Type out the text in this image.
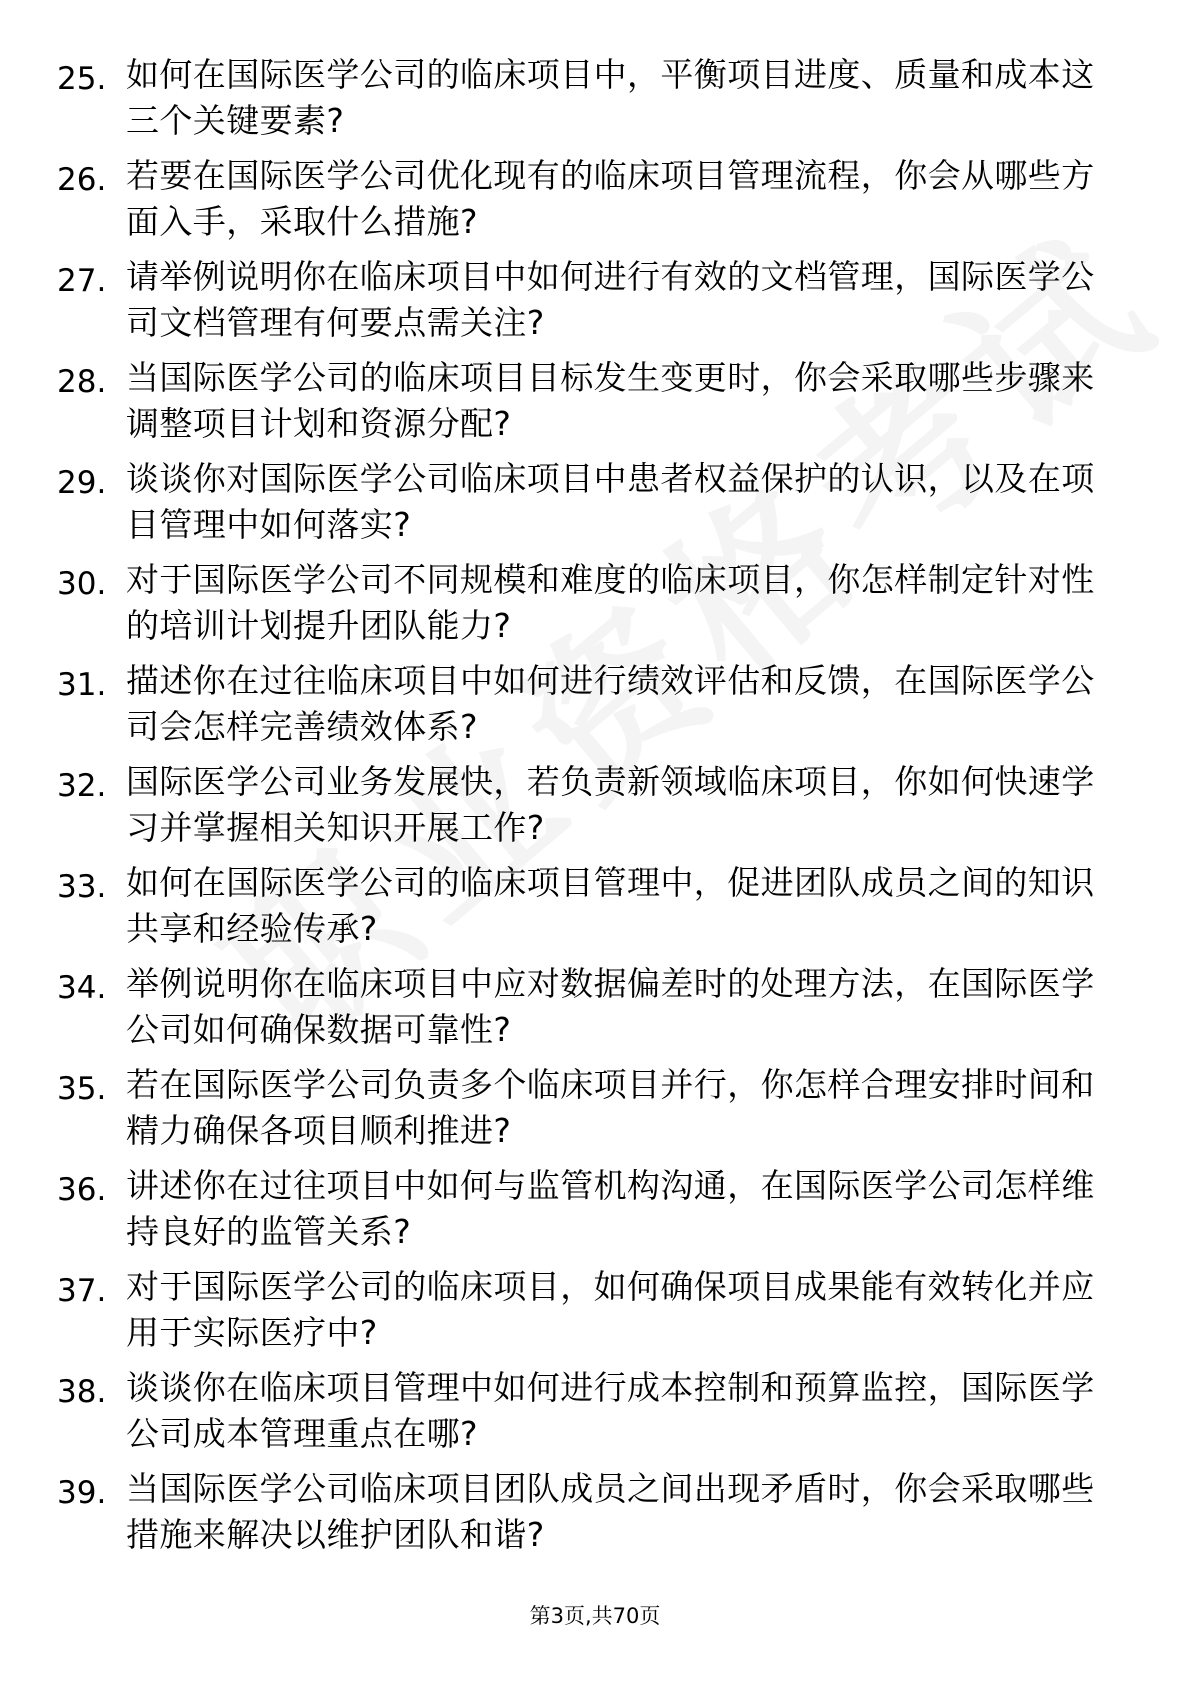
25. 如何在国际医学公司的临床项目中，平衡项目进度、质量和成本这三个关键要素?
26. 若要在国际医学公司优化现有的临床项目管理流程，你会从哪些方面入手，采取什么措施?
27. 请举例说明你在临床项目中如何进行有效的文档管理，国际医学公司文档管理有何要点需关注?
28. 当国际医学公司的临床项目目标发生变更时，你会采取哪些步骤来调整项目计划和资源分配?
29. 谈谈你对国际医学公司临床项目中患者权益保护的认识，以及在项目管理中如何落实?
30. 对于国际医学公司不同规模和难度的临床项目，你怎样制定针对性的培训计划提升团队能力?
31. 描述你在过往临床项目中如何进行绩效评估和反馈，在国际医学公司会怎样完善绩效体系?
32. 国际医学公司业务发展快，若负责新领域临床项目，你如何快速学习并掌握相关知识开展工作?
33. 如何在国际医学公司的临床项目管理中，促进团队成员之间的知识共享和经验传承?
34. 举例说明你在临床项目中应对数据偏差时的处理方法，在国际医学公司如何确保数据可靠性?
35. 若在国际医学公司负责多个临床项目并行，你怎样合理安排时间和精力确保各项目顺利推进?
36. 讲述你在过往项目中如何与监管机构沟通，在国际医学公司怎样维持良好的监管关系?
37. 对于国际医学公司的临床项目，如何确保项目成果能有效转化并应用于实际医疗中?
38. 谈谈你在临床项目管理中如何进行成本控制和预算监控，国际医学公司成本管理重点在哪?
39. 当国际医学公司临床项目团队成员之间出现矛盾时，你会采取哪些措施来解决以维护团队和谐?
第3页,共70页
